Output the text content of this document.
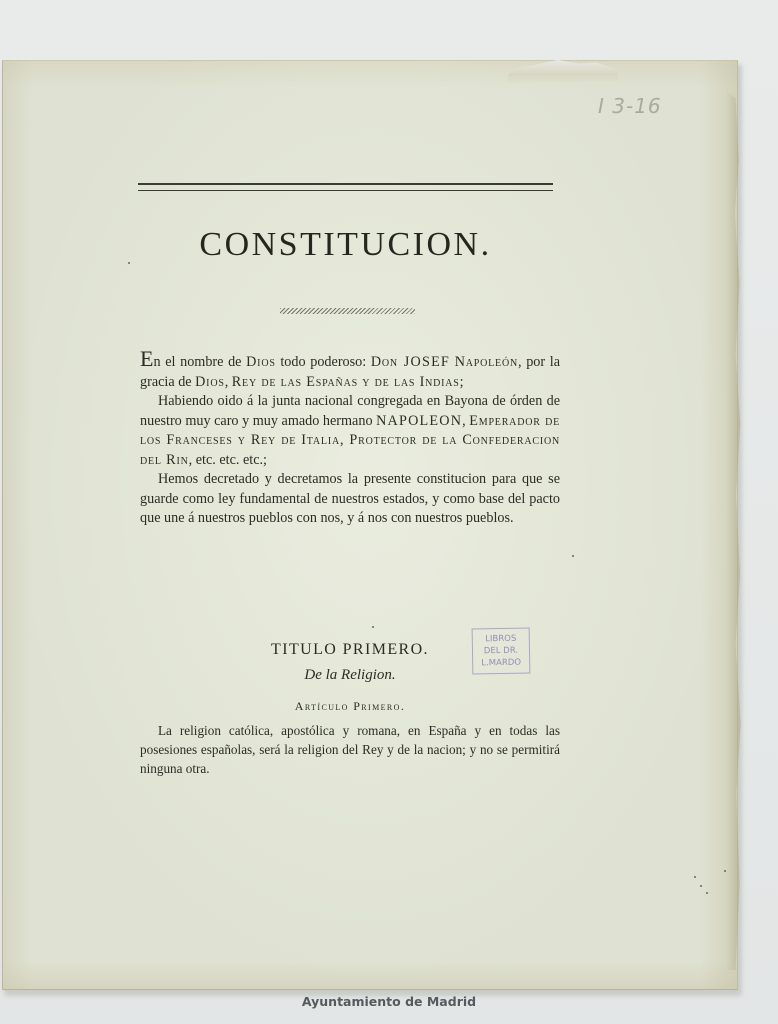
I 3‑16
CONSTITUCION.

En el nombre de Dios todo poderoso: Don JOSEF Napoleón, por la gracia de Dios, Rey de las Españas y de las Indias;

Habiendo oido á la junta nacional congregada en Bayona de órden de nuestro muy caro y muy amado hermano NAPOLEON, Emperador de los Franceses y Rey de Italia, Protector de la Confederacion del Rin, etc. etc. etc.;

Hemos decretado y decretamos la presente constitucion para que se guarde como ley fundamental de nuestros estados, y como base del pacto que une á nuestros pueblos con nos, y á nos con nuestros pueblos.

LIBROS
DEL DR.
L.MARDO
TITULO PRIMERO.
De la Religion.
Artículo Primero.

La religion católica, apostólica y romana, en España y en todas las posesiones españolas, será la religion del Rey y de la nacion; y no se permitirá ninguna otra.

Ayuntamiento de Madrid
